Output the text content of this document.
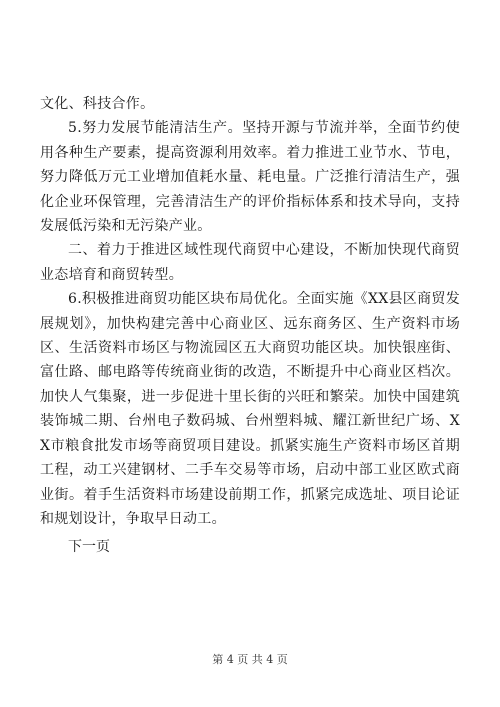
文化、科技合作。

5.努力发展节能清洁生产。坚持开源与节流并举，全面节约使用各种生产要素，提高资源利用效率。着力推进工业节水、节电，努力降低万元工业增加值耗水量、耗电量。广泛推行清洁生产，强化企业环保管理，完善清洁生产的评价指标体系和技术导向，支持发展低污染和无污染产业。

二、着力于推进区域性现代商贸中心建设，不断加快现代商贸业态培育和商贸转型。

6.积极推进商贸功能区块布局优化。全面实施《XX县区商贸发展规划》，加快构建完善中心商业区、远东商务区、生产资料市场区、生活资料市场区与物流园区五大商贸功能区块。加快银座街、富仕路、邮电路等传统商业街的改造，不断提升中心商业区档次。加快人气集聚，进一步促进十里长街的兴旺和繁荣。加快中国建筑装饰城二期、台州电子数码城、台州塑料城、耀江新世纪广场、XX市粮食批发市场等商贸项目建设。抓紧实施生产资料市场区首期工程，动工兴建钢材、二手车交易等市场，启动中部工业区欧式商业街。着手生活资料市场建设前期工作，抓紧完成选址、项目论证和规划设计，争取早日动工。

下一页

第 4 页 共 4 页
